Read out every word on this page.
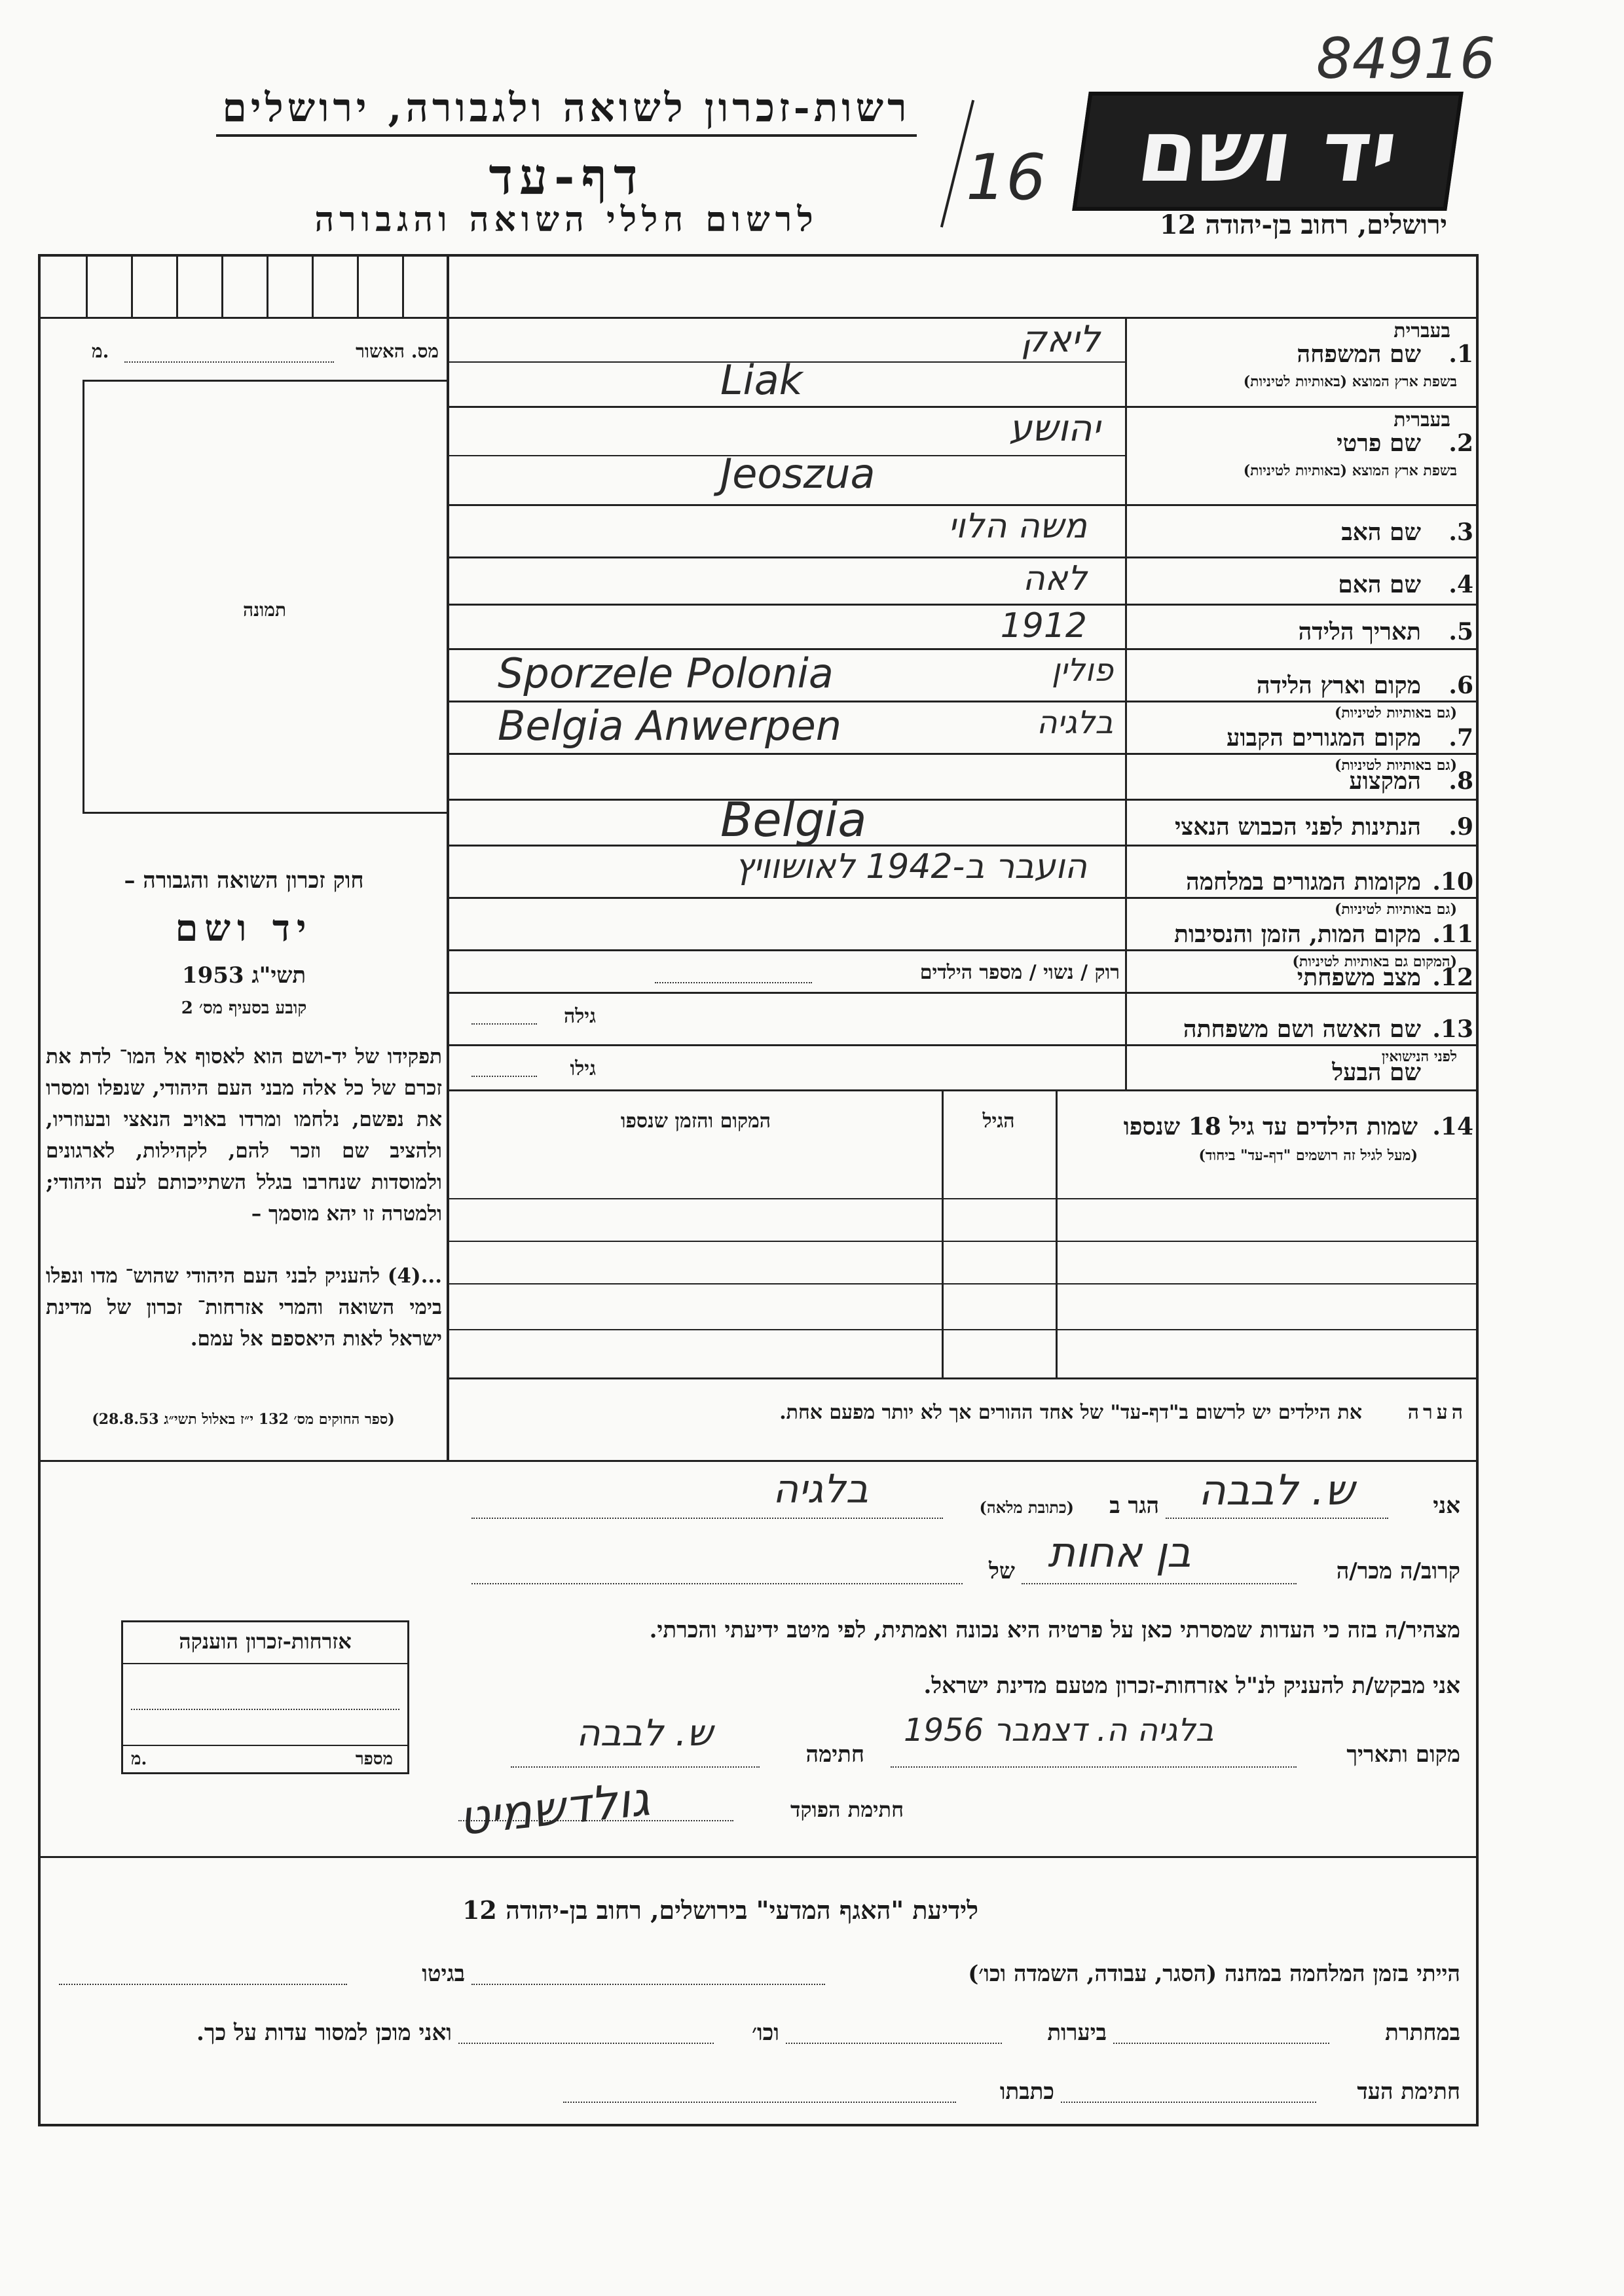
84916
יד ושם
16
רשות-זכרון לשואה ולגבורה, ירושלים
דף-עד
לרשום חללי השואה והגבורה	ירושלים, רחוב בן-יהודה 12
מס. האשור
מ.
תמונה
חוק זכרון השואה והגבורה –
יד ושם
תשי"ג 1953
קובע בסעיף מס׳ 2
תפקידו של יד-ושם הוא לאסוף אל המו־ לדת את זכרם של כל אלה מבני העם היהודי, שנפלו ומסרו את נפשם, נלחמו ומרדו באויב הנאצי ובעוזריו, ולהציב שם וזכר להם, לקהילות, לארגונים ולמוסדות שנחרבו בגלל השתייכותם לעם היהודי; ולמטרה זו יהא מוסמך –
...(4) להעניק לבני העם היהודי שהוש־ מדו ונפלו בימי השואה והמרי אזרחות־ זכרון של מדינת ישראל לאות היאספם אל עמם.
(ספר החוקים מס׳ 132 י״ז באלול תשי״ג 28.8.53)
1.
שם המשפחה
בשפת ארץ המוצא (באותיות לטיניות)
בעברית
ליאק
Liak
2.
שם פרטי
בשפת ארץ המוצא (באותיות לטיניות)
בעברית
יהושע
Jeoszua
3.
שם האב
משה הלוי
4.
שם האם
לאה
5.
תאריך הלידה
1912
6.
מקום וארץ הלידה
(גם באותיות לטיניות)
Sporzele Polonia	פולין
7.
מקום המגורים הקבוע
(גם באותיות לטיניות)
Belgia Anwerpen	בלגיה
8.
המקצוע
9.
הנתינות לפני הכבוש הנאצי
Belgia
10.
מקומות המגורים במלחמה
(גם באותיות לטיניות)
הועבר ב-1942 לאושוויץ
11.
מקום המות, הזמן והנסיבות
(המקום גם באותיות לטיניות)
12.
מצב משפחתי
רוק / נשוי / מספר הילדים
13.
שם האשה ושם משפחתה
לפני הנישואין
גילה
שם הבעל
גילו
14.
שמות הילדים עד גיל 18 שנספו
(מעל לגיל זה רושמים "דף-עד" ביחוד)
הגיל
המקום והזמן שנספו
הערה
את הילדים יש לרשום ב"דף-עד" של אחד ההורים אך לא יותר מפעם אחת.
אני
ש. לבבה
הגר ב
(כתובת מלאה)
בלגיה
קרוב/ה מכר/ה
בן אחות
של
מצהיר/ה בזה כי העדות שמסרתי כאן על פרטיה היא נכונה ואמתית, לפי מיטב ידיעתי והכרתי.
אני מבקש/ת להעניק לנ"ל אזרחות-זכרון מטעם מדינת ישראל.
אזרחות-זכרון הוענקה
מספר
מ.	מקום ותאריך
בלגיה ה. דצמבר 1956
חתימה
ש. לבבה
חתימת הפוקד
גולדשמיט
לידיעת "האגף המדעי" בירושלים, רחוב בן-יהודה 12
הייתי בזמן המלחמה במחנה (הסגר, עבודה, השמדה וכו׳)
בגיטו
במחתרת
ביערות
וכו׳
ואני מוכן למסור עדות על כך.
חתימת העד
כתבתו
